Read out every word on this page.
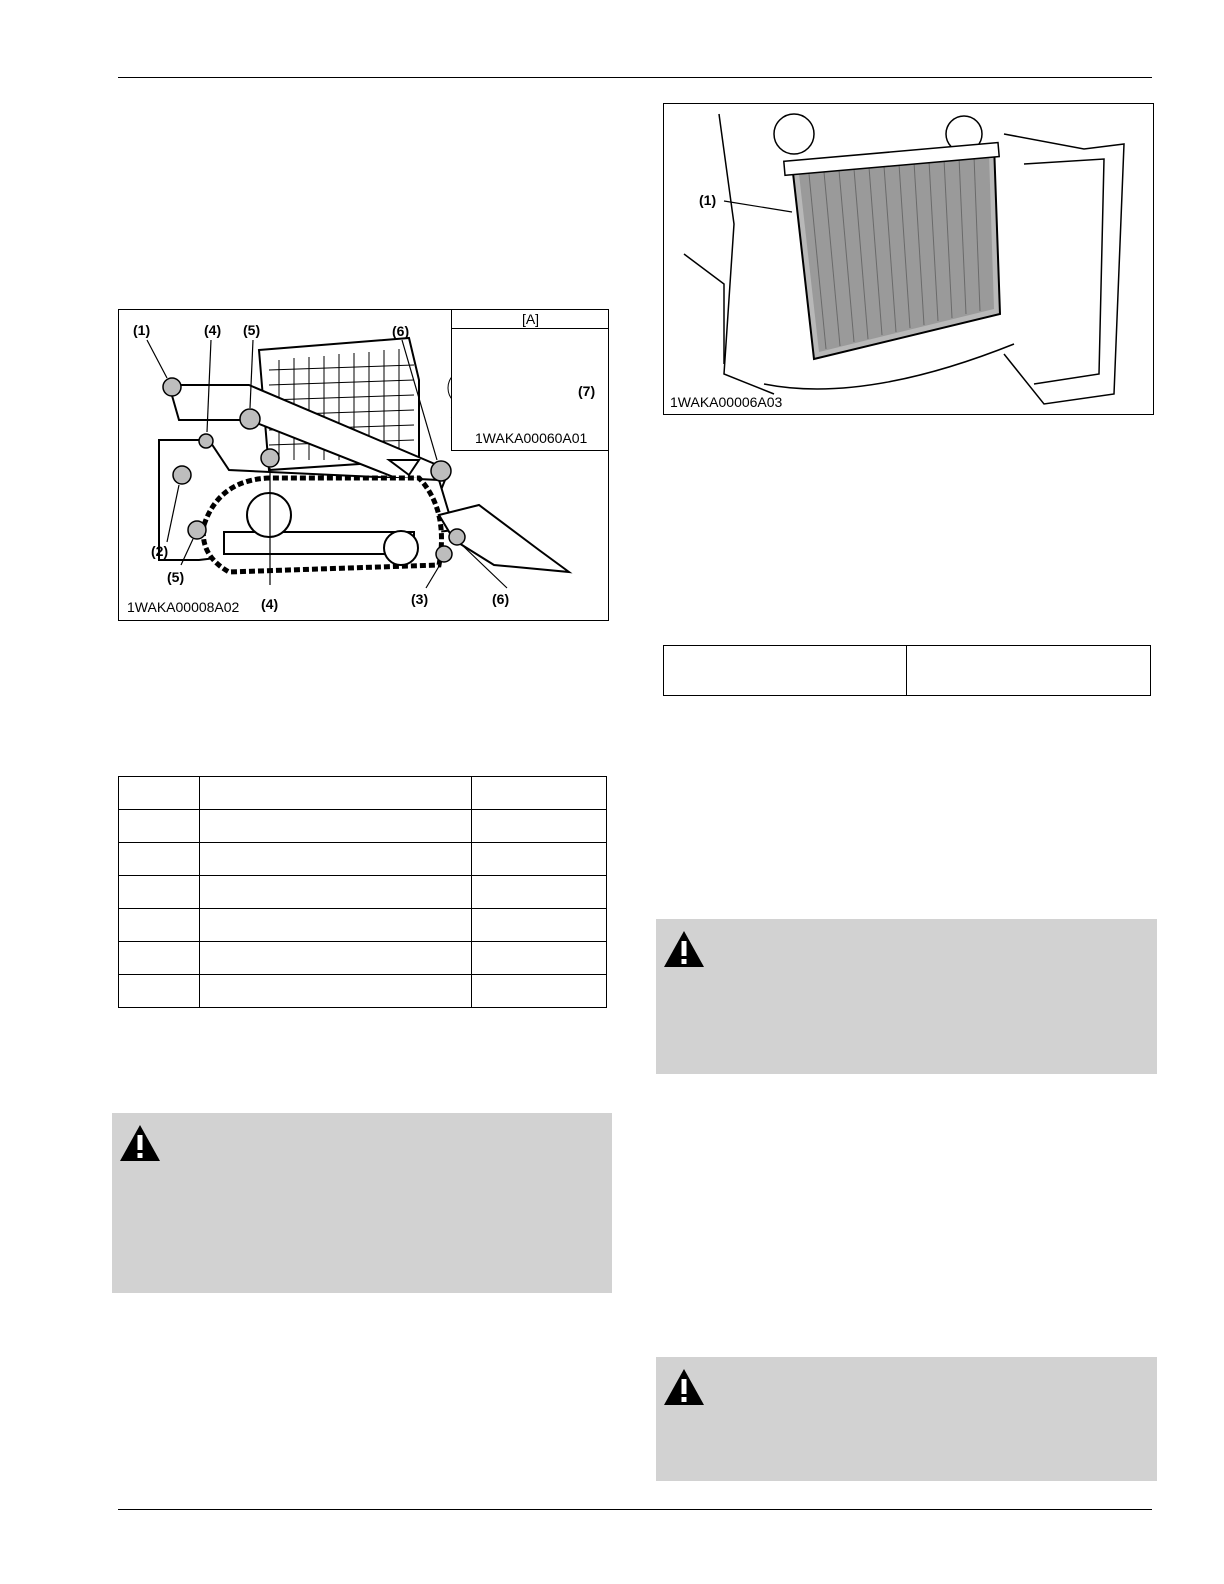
[A]
(1)	(4) (5)	(6)
(7)
(2)
(5)
(4)	(3)	(6)
1WAKA00060A01
1WAKA00008A02
(1)
1WAKA00006A03
